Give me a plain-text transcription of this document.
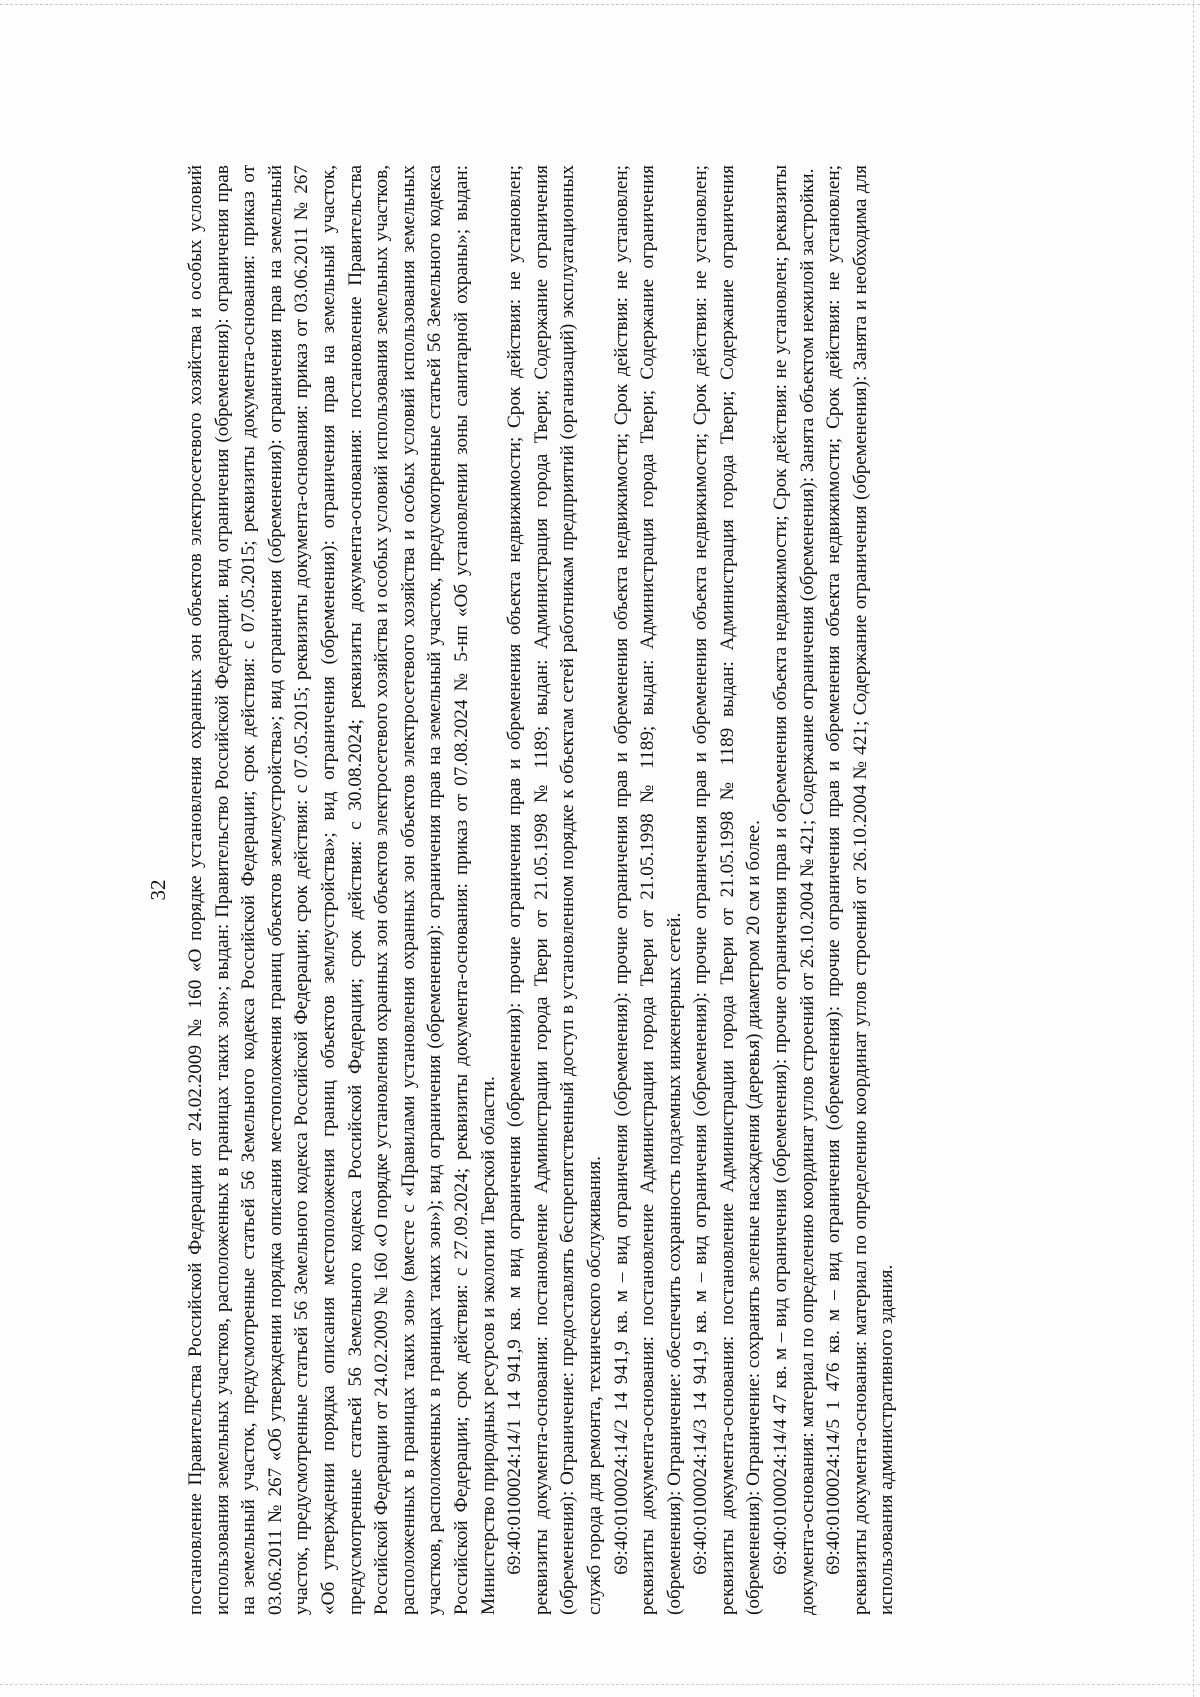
32 постановление Правительства Российской Федерации от 24.02.2009 № 160 «О порядке установления охранных зон объектов электросетевого хозяйства и особых условий использования земельных участков, расположенных в границах таких зон»; выдан: Правительство Российской Федерации. вид ограничения (обременения): ограничения прав на земельный участок, предусмотренные статьей 56 Земельного кодекса Российской Федерации; срок действия: с 07.05.2015; реквизиты документа-основания: приказ от 03.06.2011 № 267 «Об утверждении порядка описания местоположения границ объектов землеустройства»; вид ограничения (обременения): ограничения прав на земельный участок, предусмотренные статьей 56 Земельного кодекса Российской Федерации; срок действия: с 07.05.2015; реквизиты документа-основания: приказ от 03.06.2011 № 267 «Об утверждении порядка описания местоположения границ объектов землеустройства»; вид ограничения (обременения): ограничения прав на земельный участок, предусмотренные статьей 56 Земельного кодекса Российской Федерации; срок действия: с 30.08.2024; реквизиты документа-основания: постановление Правительства Российской Федерации от 24.02.2009 № 160 «О порядке установления охранных зон объектов электросетевого хозяйства и особых условий использования земельных участков, расположенных в границах таких зон» (вместе с «Правилами установления охранных зон объектов электросетевого хозяйства и особых условий использования земельных участков, расположенных в границах таких зон»); вид ограничения (обременения): ограничения прав на земельный участок, предусмотренные статьей 56 Земельного кодекса Российской Федерации; срок действия: с 27.09.2024; реквизиты документа-основания: приказ от 07.08.2024 № 5-нп «Об установлении зоны санитарной охраны»; выдан: Министерство природных ресурсов и экологии Тверской области. 69:40:0100024:14/1 14 941,9 кв. м вид ограничения (обременения): прочие ограничения прав и обременения объекта недвижимости; Срок действия: не установлен; реквизиты документа-основания: постановление Администрации города Твери от 21.05.1998 № 1189; выдан: Администрация города Твери; Содержание ограничения (обременения): Ограничение: предоставлять беспрепятственный доступ в установленном порядке к объектам сетей работникам предприятий (организаций) эксплуатационных служб города для ремонта, технического обслуживания. 69:40:0100024:14/2 14 941,9 кв. м – вид ограничения (обременения): прочие ограничения прав и обременения объекта недвижимости; Срок действия: не установлен; реквизиты документа-основания: постановление Администрации города Твери от 21.05.1998 № 1189; выдан: Администрация города Твери; Содержание ограничения (обременения): Ограничение: обеспечить сохранность подземных инженерных сетей. 69:40:0100024:14/3 14 941,9 кв. м – вид ограничения (обременения): прочие ограничения прав и обременения объекта недвижимости; Срок действия: не установлен; реквизиты документа-основания: постановление Администрации города Твери от 21.05.1998 № 1189 выдан: Администрация города Твери; Содержание ограничения (обременения): Ограничение: сохранять зеленые насаждения (деревья) диаметром 20 см и более. 69:40:0100024:14/4 47 кв. м – вид ограничения (обременения): прочие ограничения прав и обременения объекта недвижимости; Срок действия: не установлен; реквизиты документа-основания: материал по определению координат углов строений от 26.10.2004 № 421; Содержание ограничения (обременения): Занята объектом нежилой застройки. 69:40:0100024:14/5 1 476 кв. м – вид ограничения (обременения): прочие ограничения прав и обременения объекта недвижимости; Срок действия: не установлен; реквизиты документа-основания: материал по определению координат углов строений от 26.10.2004 № 421; Содержание ограничения (обременения): Занята и необходима для использования административного здания.
